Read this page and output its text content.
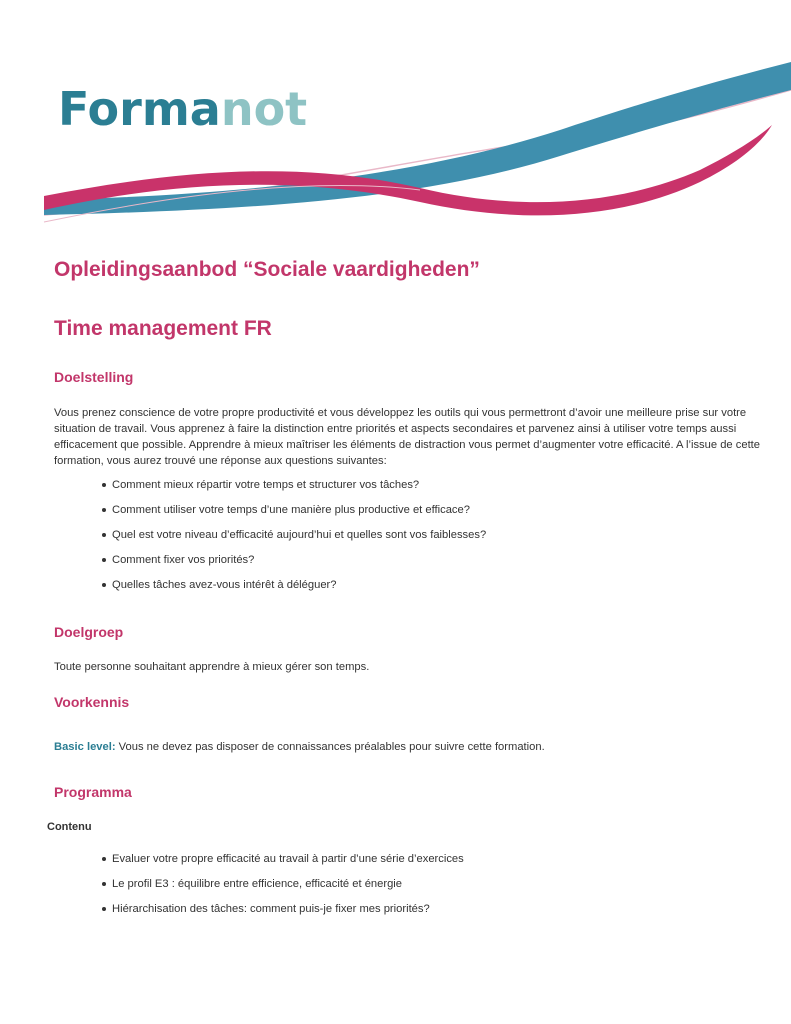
Formanot
Opleidingsaanbod “Sociale vaardigheden”
Time management FR
Doelstelling

Vous prenez conscience de votre propre productivité et vous développez les outils qui vous permettront d’avoir une meilleure prise sur votre situation de travail. Vous apprenez à faire la distinction entre priorités et aspects secondaires et parvenez ainsi à utiliser votre temps aussi efficacement que possible. Apprendre à mieux maîtriser les éléments de distraction vous permet d’augmenter votre efficacité. A l’issue de cette formation, vous aurez trouvé une réponse aux questions suivantes:

Comment mieux répartir votre temps et structurer vos tâches?
Comment utiliser votre temps d’une manière plus productive et efficace?
Quel est votre niveau d’efficacité aujourd’hui et quelles sont vos faiblesses?
Comment fixer vos priorités?
Quelles tâches avez-vous intérêt à déléguer?
Doelgroep

Toute personne souhaitant apprendre à mieux gérer son temps.

Voorkennis

Basic level: Vous ne devez pas disposer de connaissances préalables pour suivre cette formation.

Programma
Contenu
Evaluer votre propre efficacité au travail à partir d’une série d’exercices
Le profil E3 : équilibre entre efficience, efficacité et énergie
Hiérarchisation des tâches: comment puis-je fixer mes priorités?
